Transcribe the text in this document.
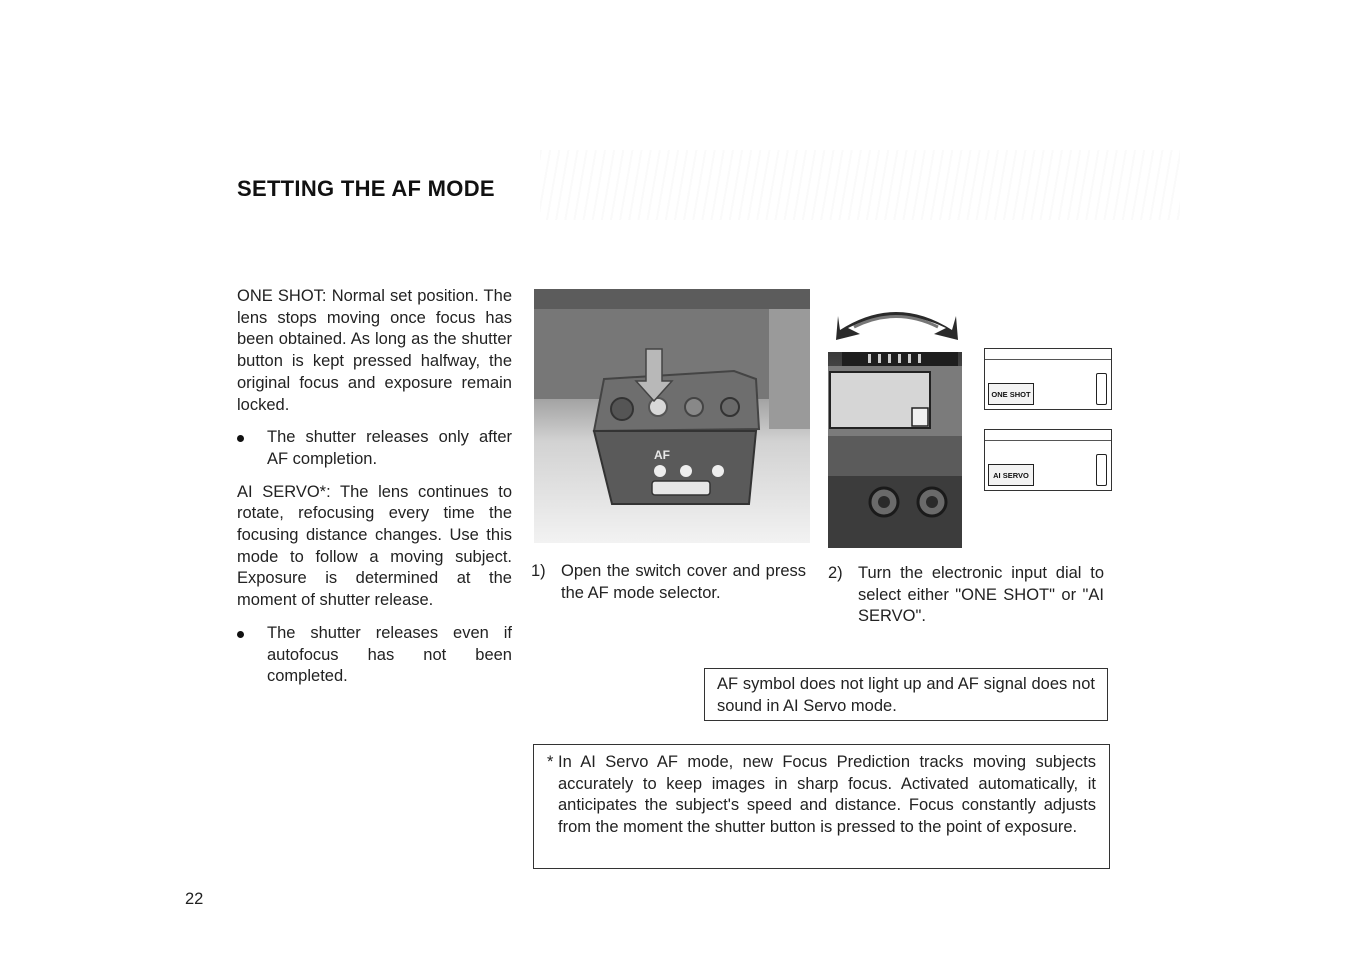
SETTING THE AF MODE

ONE SHOT: Normal set position. The lens stops moving once focus has been obtained. As long as the shutter button is kept pressed halfway, the original focus and exposure remain locked.

The shutter releases only after AF completion.

AI SERVO*: The lens continues to rotate, refocusing every time the focusing distance changes. Use this mode to follow a moving subject. Exposure is determined at the moment of shutter release.

The shutter releases even if autofocus has not been completed.
AF
ONE SHOT
AI SERVO
1) Open the switch cover and press the AF mode selector.
2) Turn the electronic input dial to select either "ONE SHOT" or "AI SERVO".
AF symbol does not light up and AF signal does not sound in AI Servo mode.
* In AI Servo AF mode, new Focus Prediction tracks moving subjects accurately to keep images in sharp focus. Activated automatically, it anticipates the subject's speed and distance. Focus constantly adjusts from the moment the shutter button is pressed to the point of exposure.
22
